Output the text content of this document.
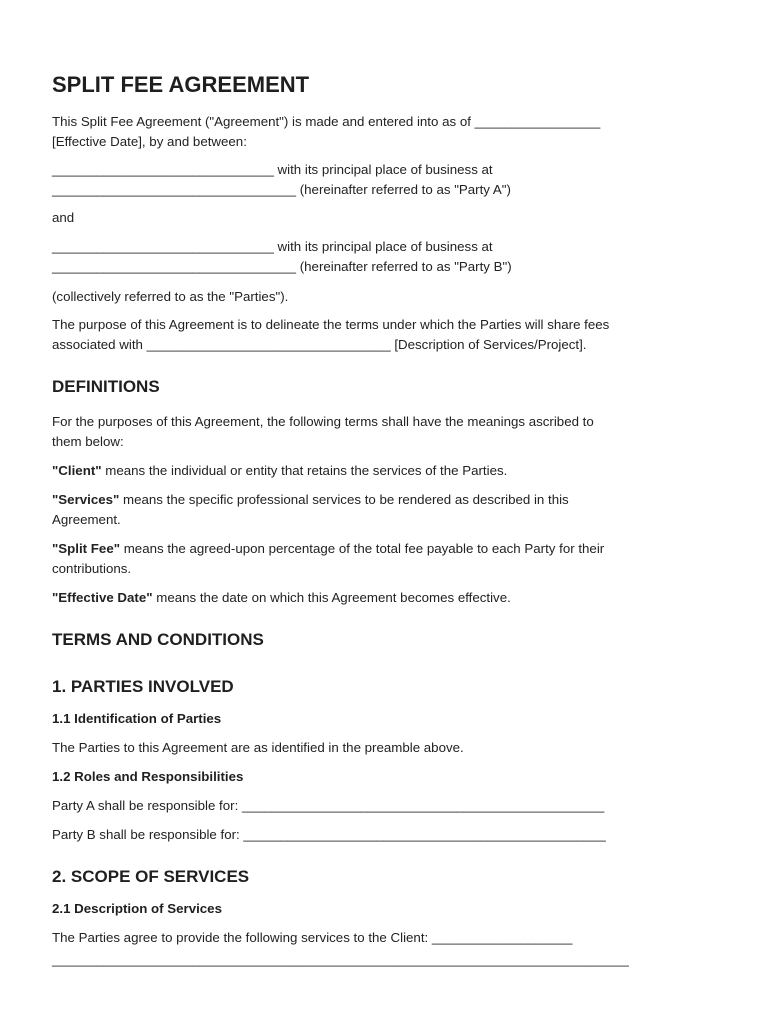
SPLIT FEE AGREEMENT
This Split Fee Agreement ("Agreement") is made and entered into as of _________________
[Effective Date], by and between:
______________________________ with its principal place of business at
_________________________________ (hereinafter referred to as "Party A")
and
______________________________ with its principal place of business at
_________________________________ (hereinafter referred to as "Party B")
(collectively referred to as the "Parties").
The purpose of this Agreement is to delineate the terms under which the Parties will share fees
associated with _________________________________ [Description of Services/Project].
DEFINITIONS
For the purposes of this Agreement, the following terms shall have the meanings ascribed to
them below:
"Client" means the individual or entity that retains the services of the Parties.
"Services" means the specific professional services to be rendered as described in this
Agreement.
"Split Fee" means the agreed-upon percentage of the total fee payable to each Party for their
contributions.
"Effective Date" means the date on which this Agreement becomes effective.
TERMS AND CONDITIONS
1. PARTIES INVOLVED
1.1 Identification of Parties
The Parties to this Agreement are as identified in the preamble above.
1.2 Roles and Responsibilities
Party A shall be responsible for: _________________________________________________
Party B shall be responsible for: _________________________________________________
2. SCOPE OF SERVICES
2.1 Description of Services
The Parties agree to provide the following services to the Client: ___________________
______________________________________________________________________________
